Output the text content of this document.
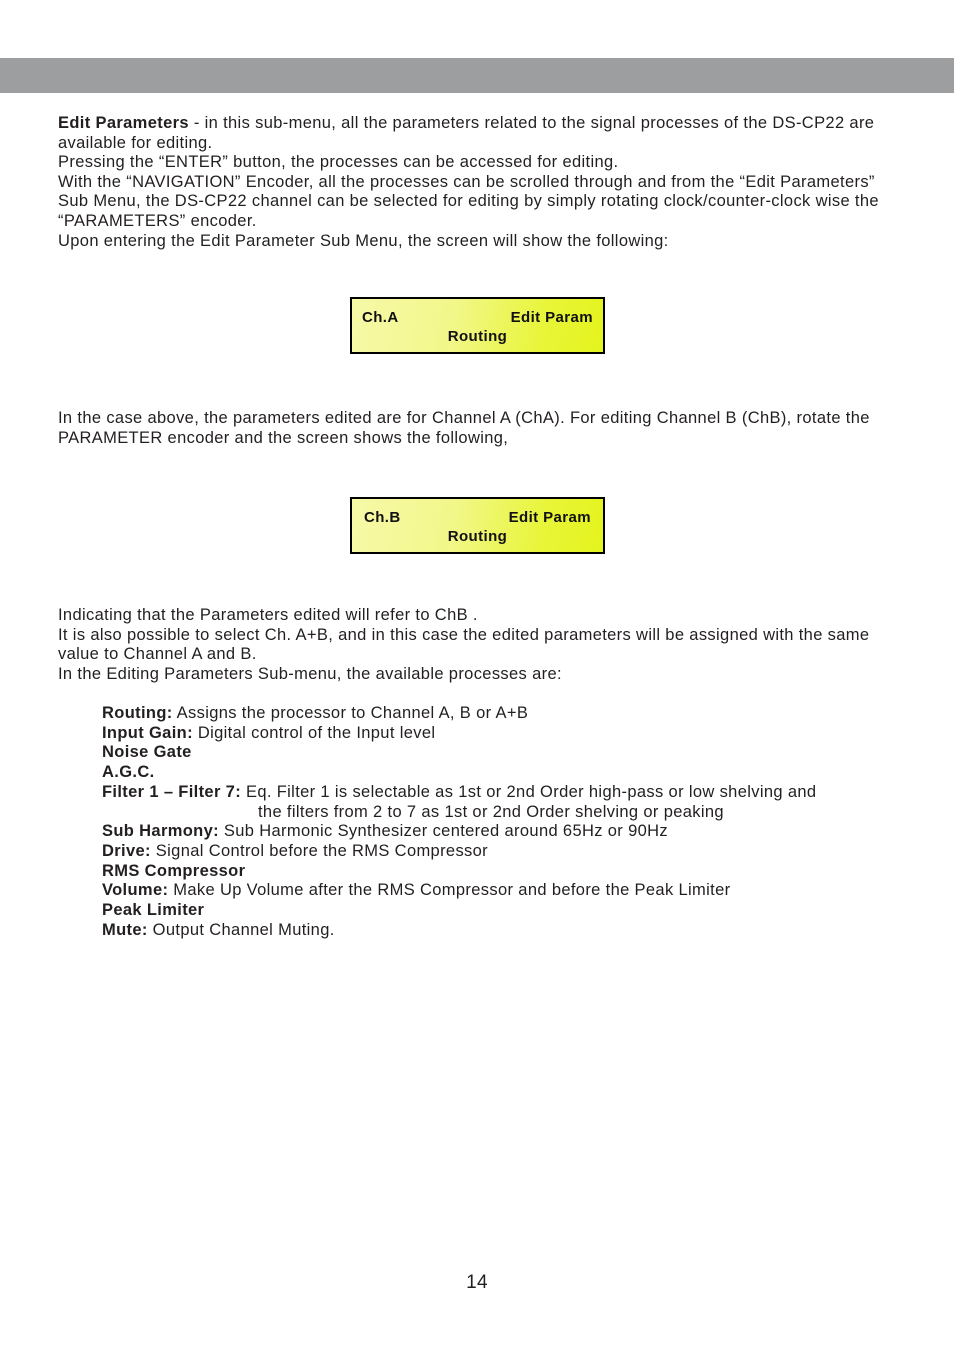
Edit Parameters - in this sub-menu, all the parameters related to the signal processes of the DS-CP22 are available for editing.

Pressing the “ENTER” button, the processes can be accessed for editing.

With the “NAVIGATION” Encoder, all the processes can be scrolled through and from the “Edit Parameters” Sub Menu, the DS-CP22 channel can be selected for editing by simply rotating clock/counter-clock wise the “PARAMETERS” encoder.

Upon entering the Edit Parameter Sub Menu, the screen will show the following:

Ch.A	Edit Param
Routing

In the case above, the parameters edited are for Channel A (ChA). For editing Channel B (ChB), rotate the PARAMETER encoder and the screen shows the following,

Ch.B	Edit Param
Routing

Indicating that the Parameters edited will refer to ChB .

It is also possible to select Ch. A+B, and in this case the edited parameters will be assigned with the same value to Channel A and B.

In the Editing Parameters Sub-menu, the available processes are:

Routing: Assigns the processor to Channel A, B or A+B

Input Gain: Digital control of the Input level

Noise Gate

A.G.C.

Filter 1 – Filter 7: Eq. Filter 1 is selectable as 1st or 2nd Order high-pass or low shelving and
the filters from 2 to 7 as 1st or 2nd Order shelving or peaking

Sub Harmony: Sub Harmonic Synthesizer centered around 65Hz or 90Hz

Drive: Signal Control before the RMS Compressor

RMS Compressor

Volume: Make Up Volume after the RMS Compressor and before the Peak Limiter

Peak Limiter

Mute: Output Channel Muting.

14
